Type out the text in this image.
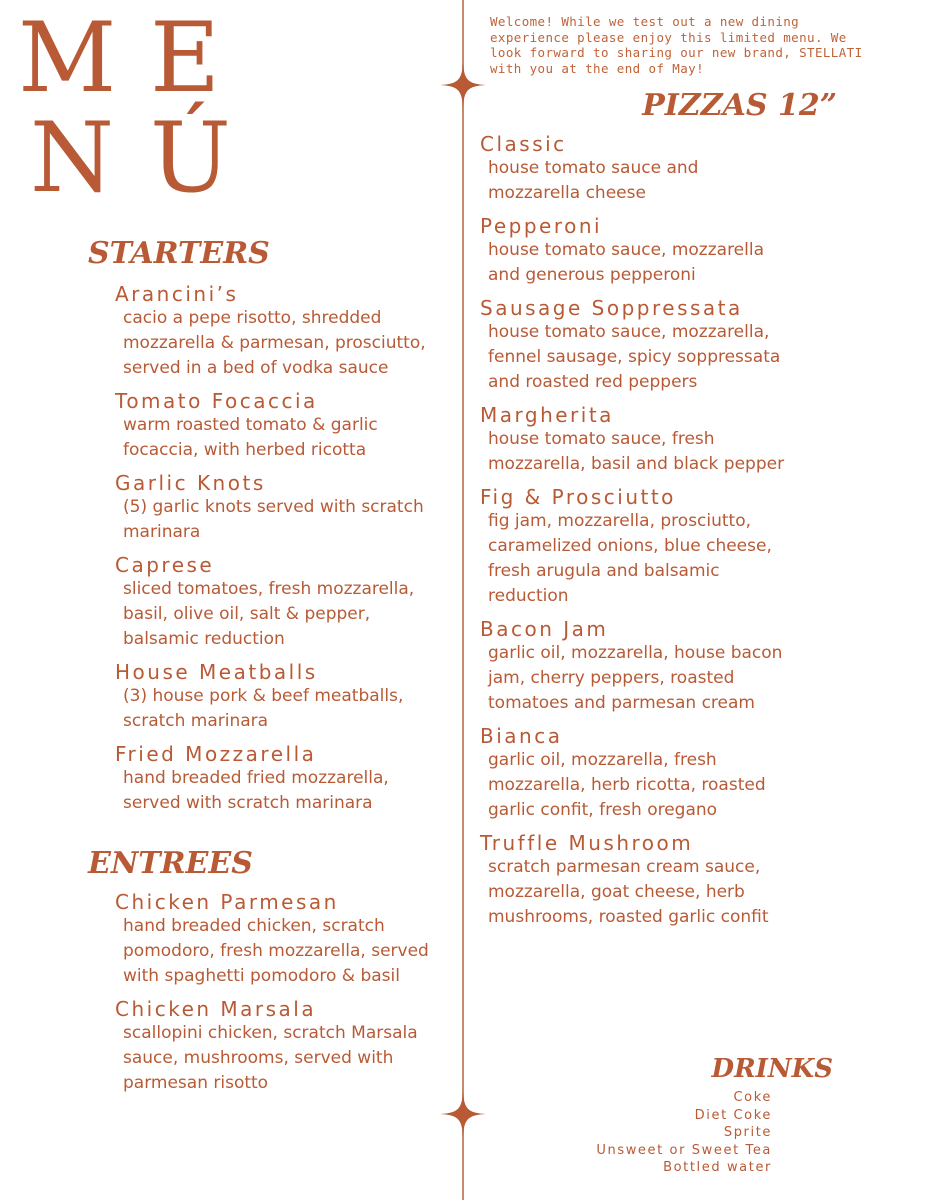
M E
N Ú
Welcome! While we test out a new dining experience please enjoy this limited menu. We look forward to sharing our new brand, STELLATI with you at the end of May!
STARTERS
Arancini’s
cacio a pepe risotto, shredded mozzarella & parmesan, prosciutto, served in a bed of vodka sauce
Tomato Focaccia
warm roasted tomato & garlic focaccia, with herbed ricotta
Garlic Knots
(5) garlic knots served with scratch marinara
Caprese
sliced tomatoes, fresh mozzarella, basil, olive oil, salt & pepper, balsamic reduction
House Meatballs
(3) house pork & beef meatballs, scratch marinara
Fried Mozzarella
hand breaded fried mozzarella, served with scratch marinara
ENTREES
Chicken Parmesan
hand breaded chicken, scratch pomodoro, fresh mozzarella, served with spaghetti pomodoro & basil
Chicken Marsala
scallopini chicken, scratch Marsala sauce, mushrooms, served with parmesan risotto
PIZZAS 12”
Classic
house tomato sauce and mozzarella cheese
Pepperoni
house tomato sauce, mozzarella and generous pepperoni
Sausage Soppressata
house tomato sauce, mozzarella, fennel sausage, spicy soppressata and roasted red peppers
Margherita
house tomato sauce, fresh mozzarella, basil and black pepper
Fig & Prosciutto
fig jam, mozzarella, prosciutto, caramelized onions, blue cheese, fresh arugula and balsamic reduction
Bacon Jam
garlic oil, mozzarella, house bacon jam, cherry peppers, roasted tomatoes and parmesan cream
Bianca
garlic oil, mozzarella, fresh mozzarella, herb ricotta, roasted garlic confit, fresh oregano
Truffle Mushroom
scratch parmesan cream sauce, mozzarella, goat cheese, herb mushrooms, roasted garlic confit
DRINKS
Coke
Diet Coke
Sprite
Unsweet or Sweet Tea
Bottled water
